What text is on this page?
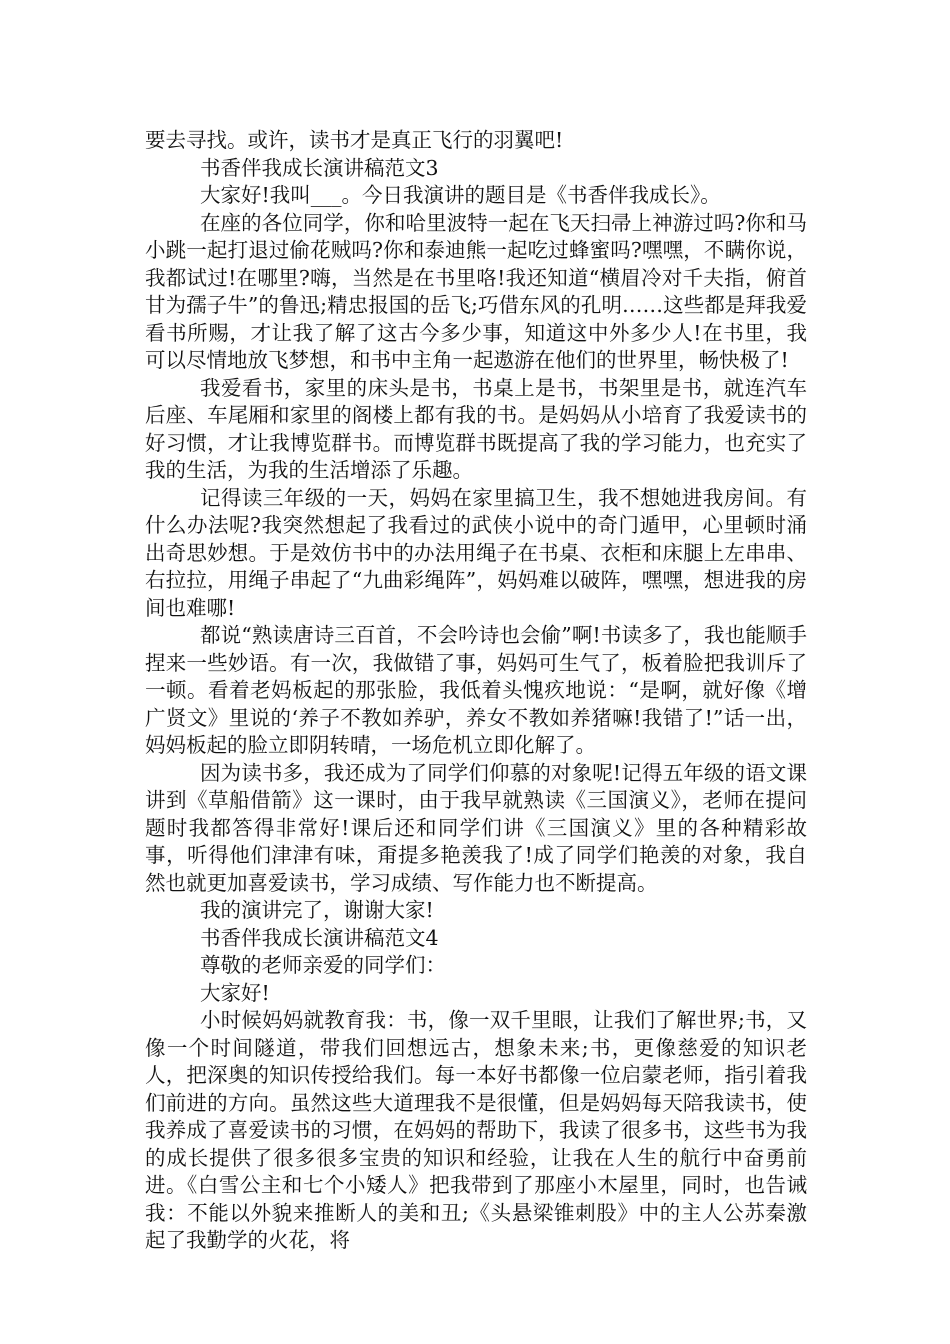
要去寻找。或许，读书才是真正飞行的羽翼吧!

书香伴我成长演讲稿范文3

大家好!我叫___。今日我演讲的题目是《书香伴我成长》。

在座的各位同学，你和哈里波特一起在飞天扫帚上神游过吗?你和马小跳一起打退过偷花贼吗?你和泰迪熊一起吃过蜂蜜吗?嘿嘿，不瞒你说，我都试过!在哪里?嗨，当然是在书里咯!我还知道“横眉冷对千夫指，俯首甘为孺子牛”的鲁迅;精忠报国的岳飞;巧借东风的孔明……这些都是拜我爱看书所赐，才让我了解了这古今多少事，知道这中外多少人!在书里，我可以尽情地放飞梦想，和书中主角一起遨游在他们的世界里，畅快极了!

我爱看书，家里的床头是书，书桌上是书，书架里是书，就连汽车后座、车尾厢和家里的阁楼上都有我的书。是妈妈从小培育了我爱读书的好习惯，才让我博览群书。而博览群书既提高了我的学习能力，也充实了我的生活，为我的生活增添了乐趣。

记得读三年级的一天，妈妈在家里搞卫生，我不想她进我房间。有什么办法呢?我突然想起了我看过的武侠小说中的奇门遁甲，心里顿时涌出奇思妙想。于是效仿书中的办法用绳子在书桌、衣柜和床腿上左串串、右拉拉，用绳子串起了“九曲彩绳阵”，妈妈难以破阵，嘿嘿，想进我的房间也难哪!

都说“熟读唐诗三百首，不会吟诗也会偷”啊!书读多了，我也能顺手捏来一些妙语。有一次，我做错了事，妈妈可生气了，板着脸把我训斥了一顿。看着老妈板起的那张脸，我低着头愧疚地说：“是啊，就好像《增广贤文》里说的‘养子不教如养驴，养女不教如养猪嘛!我错了!”话一出，妈妈板起的脸立即阴转晴，一场危机立即化解了。

因为读书多，我还成为了同学们仰慕的对象呢!记得五年级的语文课讲到《草船借箭》这一课时，由于我早就熟读《三国演义》，老师在提问题时我都答得非常好!课后还和同学们讲《三国演义》里的各种精彩故事，听得他们津津有味，甭提多艳羡我了!成了同学们艳羡的对象，我自然也就更加喜爱读书，学习成绩、写作能力也不断提高。

我的演讲完了，谢谢大家!

书香伴我成长演讲稿范文4

尊敬的老师亲爱的同学们：

大家好!

小时候妈妈就教育我：书，像一双千里眼，让我们了解世界;书，又像一个时间隧道，带我们回想远古，想象未来;书，更像慈爱的知识老人，把深奥的知识传授给我们。每一本好书都像一位启蒙老师，指引着我们前进的方向。虽然这些大道理我不是很懂，但是妈妈每天陪我读书，使我养成了喜爱读书的习惯，在妈妈的帮助下，我读了很多书，这些书为我的成长提供了很多很多宝贵的知识和经验，让我在人生的航行中奋勇前进。《白雪公主和七个小矮人》把我带到了那座小木屋里，同时，也告诫我：不能以外貌来推断人的美和丑;《头悬梁锥刺股》中的主人公苏秦激起了我勤学的火花，将
